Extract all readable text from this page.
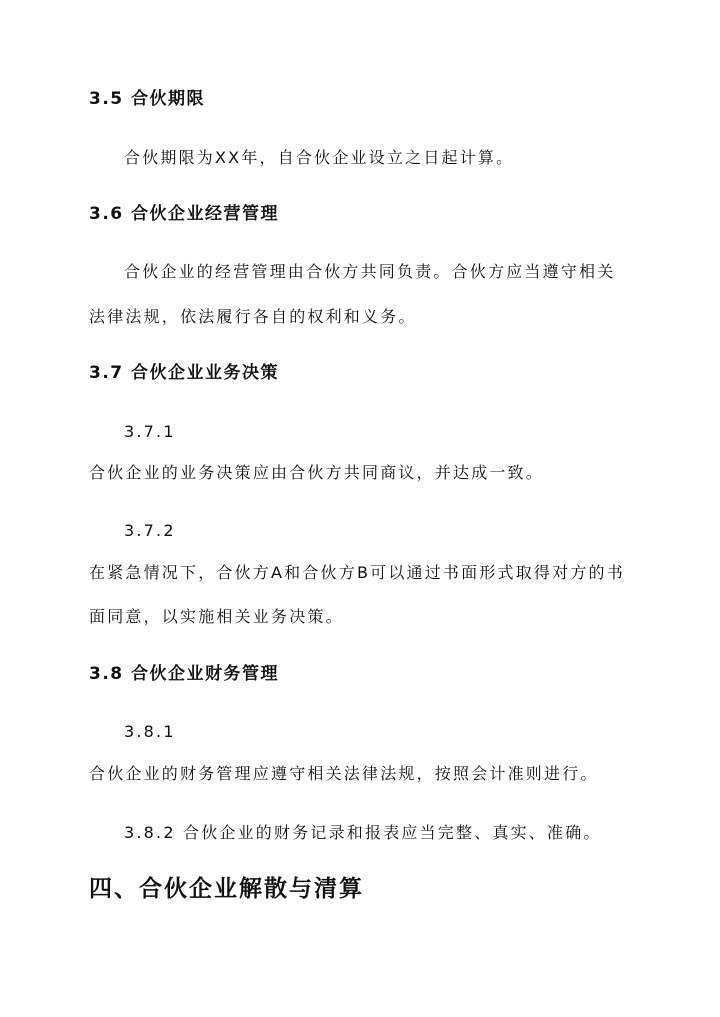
3.5 合伙期限
合伙期限为XX年，自合伙企业设立之日起计算。
3.6 合伙企业经营管理
合伙企业的经营管理由合伙方共同负责。合伙方应当遵守相关
法律法规，依法履行各自的权利和义务。
3.7 合伙企业业务决策
3.7.1
合伙企业的业务决策应由合伙方共同商议，并达成一致。
3.7.2
在紧急情况下，合伙方A和合伙方B可以通过书面形式取得对方的书
面同意，以实施相关业务决策。
3.8 合伙企业财务管理
3.8.1
合伙企业的财务管理应遵守相关法律法规，按照会计准则进行。
3.8.2 合伙企业的财务记录和报表应当完整、真实、准确。
四、合伙企业解散与清算
